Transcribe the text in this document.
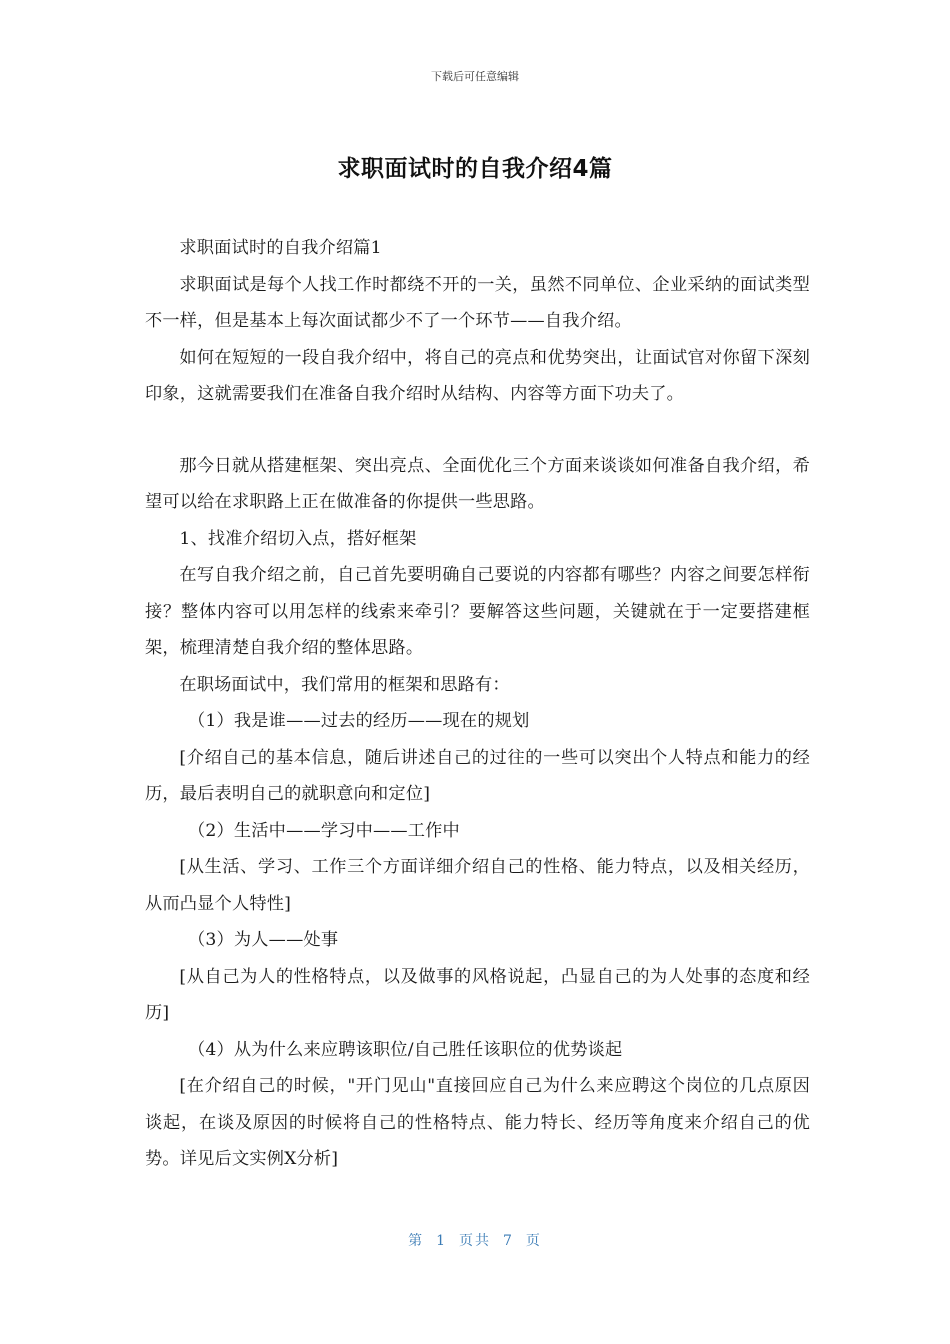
下载后可任意编辑
求职面试时的自我介绍4篇

求职面试时的自我介绍篇1

求职面试是每个人找工作时都绕不开的一关，虽然不同单位、企业采纳的面试类型不一样，但是基本上每次面试都少不了一个环节——自我介绍。

如何在短短的一段自我介绍中，将自己的亮点和优势突出，让面试官对你留下深刻印象，这就需要我们在准备自我介绍时从结构、内容等方面下功夫了。

那今日就从搭建框架、突出亮点、全面优化三个方面来谈谈如何准备自我介绍，希望可以给在求职路上正在做准备的你提供一些思路。

1、找准介绍切入点，搭好框架

在写自我介绍之前，自己首先要明确自己要说的内容都有哪些？内容之间要怎样衔接？整体内容可以用怎样的线索来牵引？要解答这些问题，关键就在于一定要搭建框架，梳理清楚自我介绍的整体思路。

在职场面试中，我们常用的框架和思路有：

（1）我是谁——过去的经历——现在的规划

[介绍自己的基本信息，随后讲述自己的过往的一些可以突出个人特点和能力的经历，最后表明自己的就职意向和定位]

（2）生活中——学习中——工作中

[从生活、学习、工作三个方面详细介绍自己的性格、能力特点，以及相关经历，从而凸显个人特性]

（3）为人——处事

[从自己为人的性格特点，以及做事的风格说起，凸显自己的为人处事的态度和经历]

（4）从为什么来应聘该职位/自己胜任该职位的优势谈起

[在介绍自己的时候，"开门见山"直接回应自己为什么来应聘这个岗位的几点原因谈起，在谈及原因的时候将自己的性格特点、能力特长、经历等角度来介绍自己的优势。详见后文实例X分析]

第 1 页共 7 页
